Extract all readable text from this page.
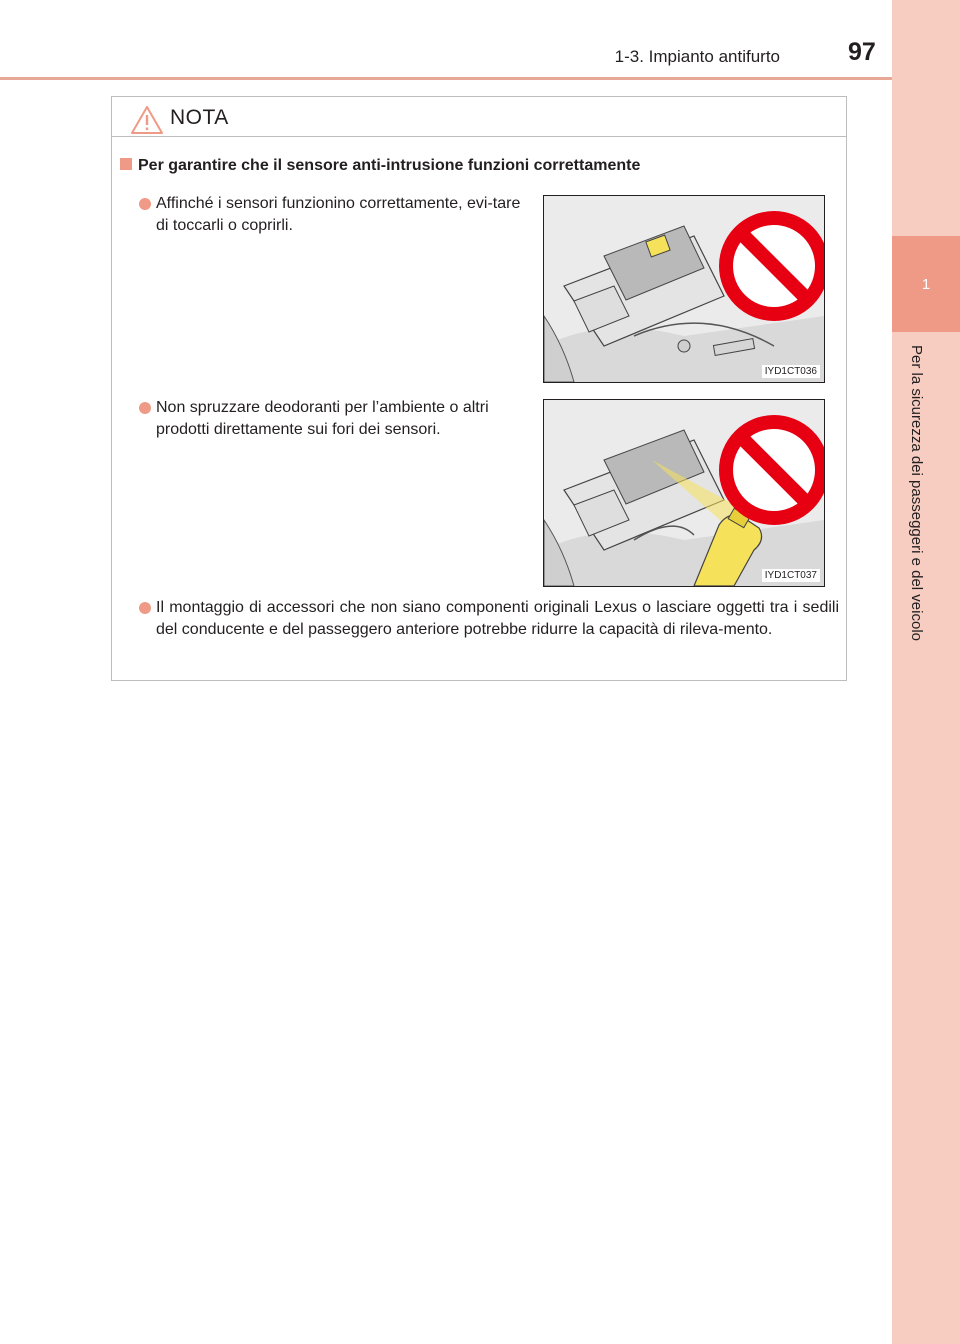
1
Per la sicurezza dei passeggeri e del veicolo
1-3. Impianto antifurto	97
NOTA
Per garantire che il sensore anti-intrusione funzioni correttamente
Affinché i sensori funzionino correttamente, evi-tare di toccarli o coprirli.
IYD1CT036
Non spruzzare deodoranti per l’ambiente o altri prodotti direttamente sui fori dei sensori.
IYD1CT037
Il montaggio di accessori che non siano componenti originali Lexus o lasciare oggetti tra i sedili del conducente e del passeggero anteriore potrebbe ridurre la capacità di rileva-mento.
